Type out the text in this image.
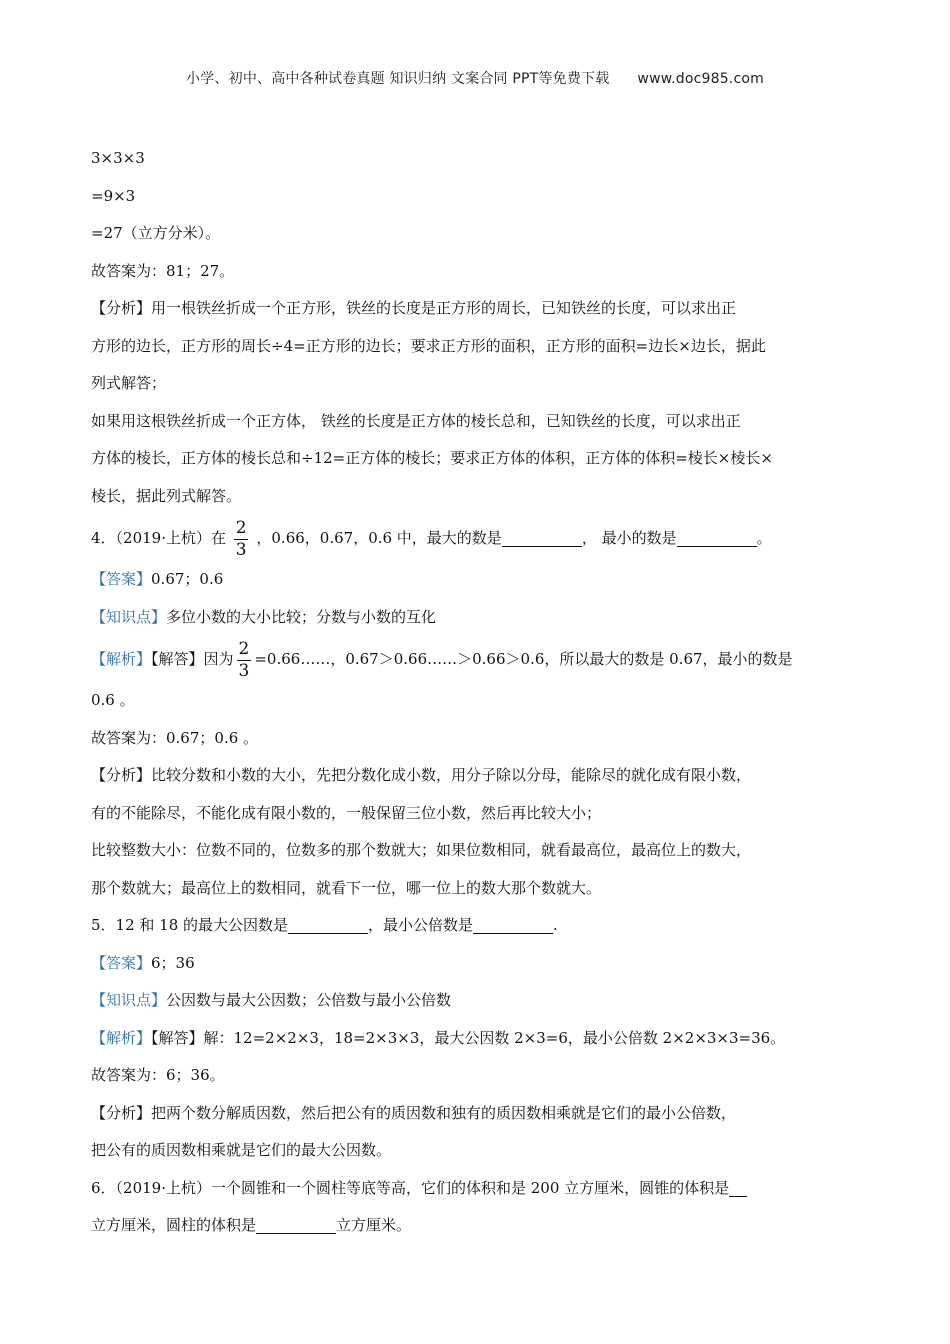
小学、初中、高中各种试卷真题 知识归纳 文案合同 PPT等免费下载 www.doc985.com
3×3×3
=9×3
=27（立方分米）。
故答案为：81；27。
【分析】用一根铁丝折成一个正方形，铁丝的长度是正方形的周长，已知铁丝的长度，可以求出正
方形的边长，正方形的周长÷4=正方形的边长；要求正方形的面积，正方形的面积=边长×边长，据此
列式解答；
如果用这根铁丝折成一个正方体， 铁丝的长度是正方体的棱长总和，已知铁丝的长度，可以求出正
方体的棱长，正方体的棱长总和÷12=正方体的棱长；要求正方体的体积，正方体的体积=棱长×棱长×
棱长，据此列式解答。
4．（2019·上杭）在 $\frac{2}{3}$ ，0.66，0.67，0.6 中，最大的数是	， 最小的数是	。
【答案】0.67；0.6
【知识点】多位小数的大小比较；分数与小数的互化
【解析】【解答】因为 $\frac{2}{3}$ =0.66……，0.67＞0.66……＞0.66＞0.6，所以最大的数是 0.67，最小的数是
0.6 。
故答案为：0.67；0.6 。
【分析】比较分数和小数的大小，先把分数化成小数，用分子除以分母，能除尽的就化成有限小数，
有的不能除尽，不能化成有限小数的，一般保留三位小数，然后再比较大小；
比较整数大小：位数不同的，位数多的那个数就大；如果位数相同，就看最高位，最高位上的数大，
那个数就大；最高位上的数相同，就看下一位，哪一位上的数大那个数就大。
5．12 和 18 的最大公因数是	，最小公倍数是	.
【答案】6；36
【知识点】公因数与最大公因数；公倍数与最小公倍数
【解析】【解答】解：12=2×2×3，18=2×3×3，最大公因数 2×3=6，最小公倍数 2×2×3×3=36。
故答案为：6；36。
【分析】把两个数分解质因数，然后把公有的质因数和独有的质因数相乘就是它们的最小公倍数，
把公有的质因数相乘就是它们的最大公因数。
6．（2019·上杭）一个圆锥和一个圆柱等底等高，它们的体积和是 200 立方厘米，圆锥的体积是
立方厘米，圆柱的体积是	立方厘米。
